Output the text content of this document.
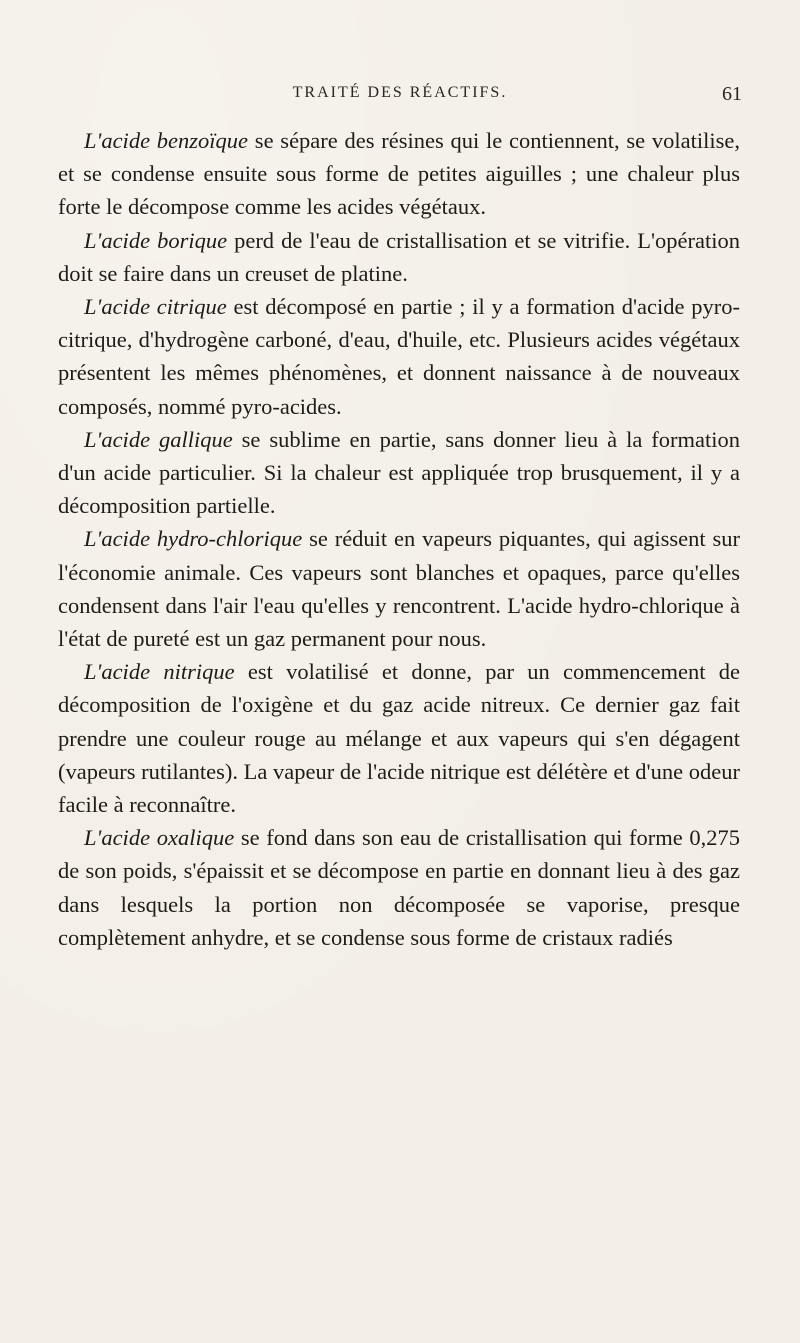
TRAITÉ DES RÉACTIFS.	61

L'acide benzoïque se sépare des résines qui le contiennent, se volatilise, et se condense ensuite sous forme de petites aiguilles ; une chaleur plus forte le décompose comme les acides végétaux.

L'acide borique perd de l'eau de cristallisation et se vitrifie. L'opération doit se faire dans un creuset de platine.

L'acide citrique est décomposé en partie ; il y a formation d'acide pyro-citrique, d'hydrogène carboné, d'eau, d'huile, etc. Plusieurs acides végétaux présentent les mêmes phénomènes, et donnent naissance à de nouveaux composés, nommé pyro-acides.

L'acide gallique se sublime en partie, sans donner lieu à la formation d'un acide particulier. Si la chaleur est appliquée trop brusquement, il y a décomposition partielle.

L'acide hydro-chlorique se réduit en vapeurs piquantes, qui agissent sur l'économie animale. Ces vapeurs sont blanches et opaques, parce qu'elles condensent dans l'air l'eau qu'elles y rencontrent. L'acide hydro-chlorique à l'état de pureté est un gaz permanent pour nous.

L'acide nitrique est volatilisé et donne, par un commencement de décomposition de l'oxigène et du gaz acide nitreux. Ce dernier gaz fait prendre une couleur rouge au mélange et aux vapeurs qui s'en dégagent (vapeurs rutilantes). La vapeur de l'acide nitrique est délétère et d'une odeur facile à reconnaître.

L'acide oxalique se fond dans son eau de cristallisation qui forme 0,275 de son poids, s'épaissit et se décompose en partie en donnant lieu à des gaz dans lesquels la portion non décomposée se vaporise, presque complètement anhydre, et se condense sous forme de cristaux radiés
